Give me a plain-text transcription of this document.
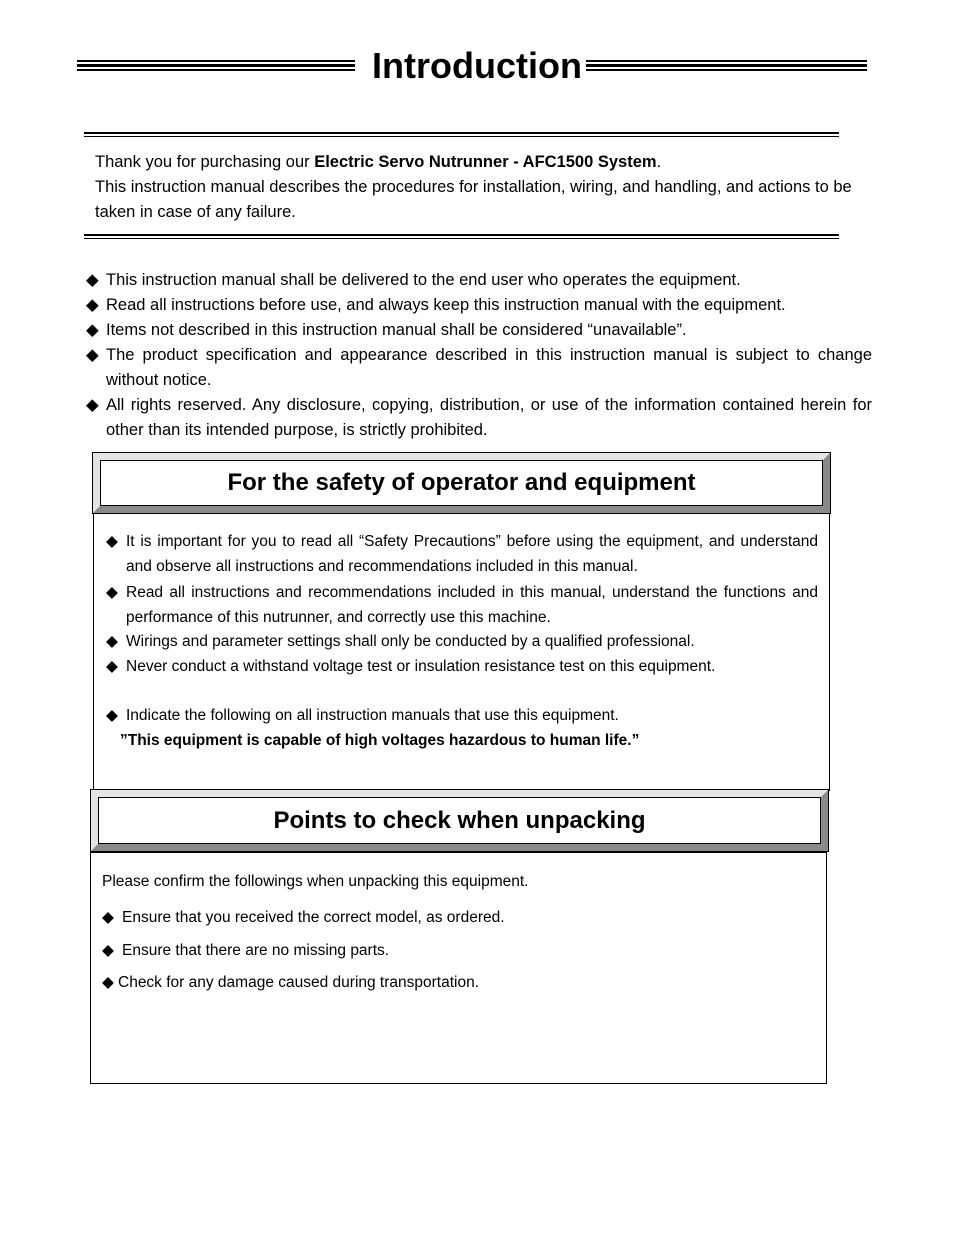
Introduction

Thank you for purchasing our Electric Servo Nutrunner - AFC1500 System.

This instruction manual describes the procedures for installation, wiring, and handling, and actions to be taken in case of any failure.

◆ This instruction manual shall be delivered to the end user who operates the equipment.
◆ Read all instructions before use, and always keep this instruction manual with the equipment.
◆ Items not described in this instruction manual shall be considered “unavailable”.
◆ The product specification and appearance described in this instruction manual is subject to change without notice.
◆ All rights reserved. Any disclosure, copying, distribution, or use of the information contained herein for other than its intended purpose, is strictly prohibited.
For the safety of operator and equipment
◆ It is important for you to read all “Safety Precautions” before using the equipment, and understand and observe all instructions and recommendations included in this manual.
◆ Read all instructions and recommendations included in this manual, understand the functions and performance of this nutrunner, and correctly use this machine.
◆ Wirings and parameter settings shall only be conducted by a qualified professional.
◆ Never conduct a withstand voltage test or insulation resistance test on this equipment.
◆ Indicate the following on all instruction manuals that use this equipment.
”This equipment is capable of high voltages hazardous to human life.”
Points to check when unpacking
Please confirm the followings when unpacking this equipment.
◆ Ensure that you received the correct model, as ordered.
◆ Ensure that there are no missing parts.
◆ Check for any damage caused during transportation.
